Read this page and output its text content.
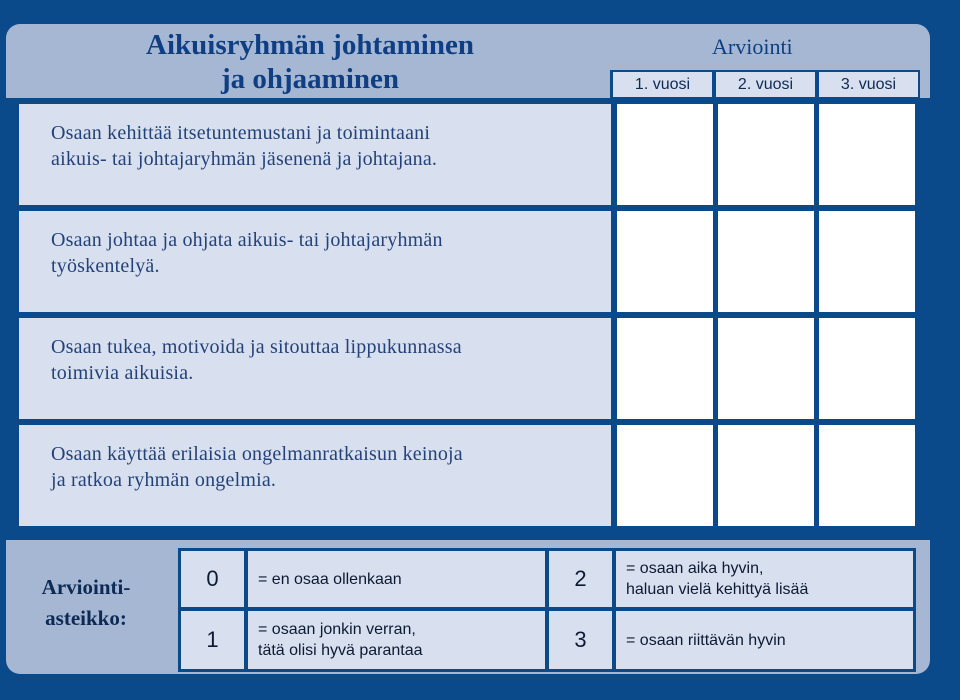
Aikuisryhmän johtaminen
ja ohjaaminen
Arviointi
1. vuosi	2. vuosi	3. vuosi
Osaan kehittää itsetuntemustani ja toimintaani
aikuis- tai johtajaryhmän jäsenenä ja johtajana.
Osaan johtaa ja ohjata aikuis- tai johtajaryhmän
työskentelyä.
Osaan tukea, motivoida ja sitouttaa lippukunnassa
toimivia aikuisia.
Osaan käyttää erilaisia ongelmanratkaisun keinoja
ja ratkoa ryhmän ongelmia.
Arviointi-
asteikko:
0	= en osaa ollenkaan	2	= osaan aika hyvin,
haluan vielä kehittyä lisää
1	= osaan jonkin verran,
tätä olisi hyvä parantaa	3	= osaan riittävän hyvin
